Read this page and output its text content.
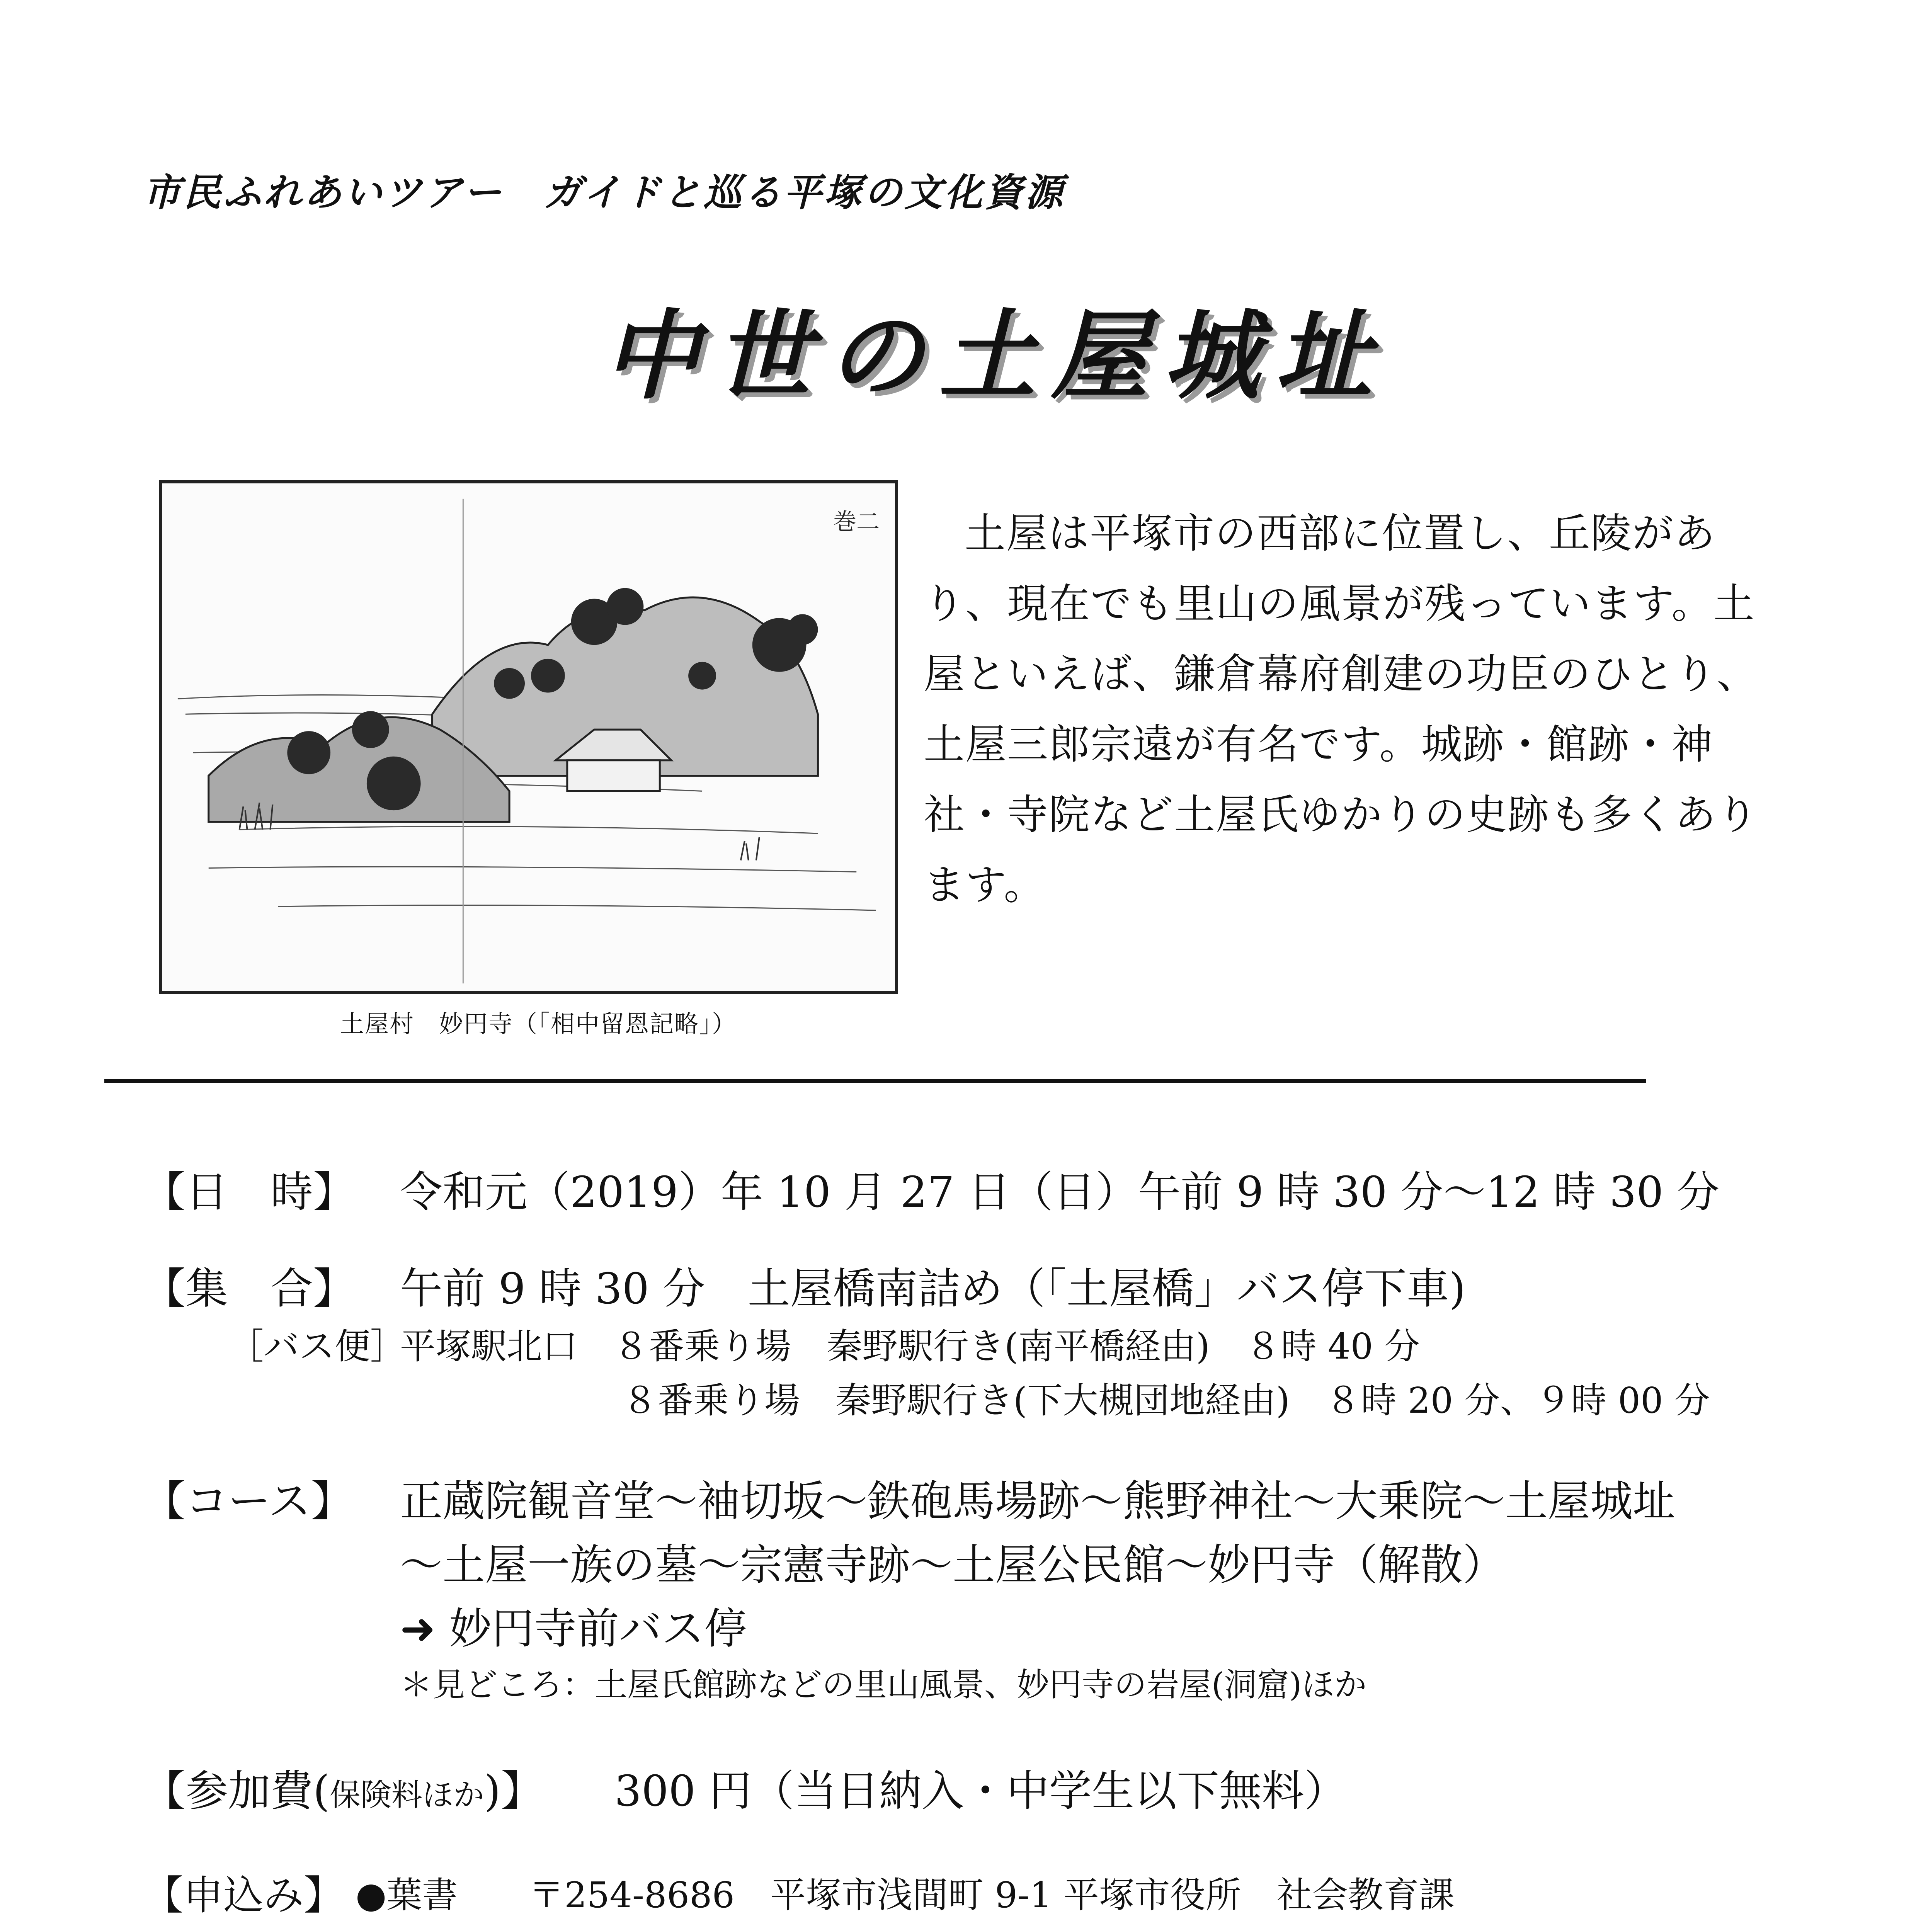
市民ふれあいツアー　ガイドと巡る平塚の文化資源
中世の土屋城址
巻二
土屋村　妙円寺（「相中留恩記略」）

土屋は平塚市の西部に位置し、丘陵があり、現在でも里山の風景が残っています。土屋といえば、鎌倉幕府創建の功臣のひとり、土屋三郎宗遠が有名です。城跡・館跡・神社・寺院など土屋氏ゆかりの史跡も多くあります。

【日　時】 令和元（2019）年 10 月 27 日（日）午前 9 時 30 分～12 時 30 分
【集　合】 午前 9 時 30 分　土屋橋南詰め（「土屋橋」バス停下車)
［バス便］
平塚駅北口　８番乗り場　秦野駅行き(南平橋経由)　８時 40 分
８番乗り場　秦野駅行き(下大槻団地経由)　８時 20 分、９時 00 分
【コース】 正蔵院観音堂～袖切坂～鉄砲馬場跡～熊野神社～大乗院～土屋城址
～土屋一族の墓～宗憲寺跡～土屋公民館～妙円寺（解散）
➜ 妙円寺前バス停
＊見どころ：土屋氏館跡などの里山風景、妙円寺の岩屋(洞窟)ほか
【参加費(保険料ほか)】 300 円（当日納入・中学生以下無料）
【申込み】 ●葉書　　〒254-8686　平塚市浅間町 9-1 平塚市役所　社会教育課
